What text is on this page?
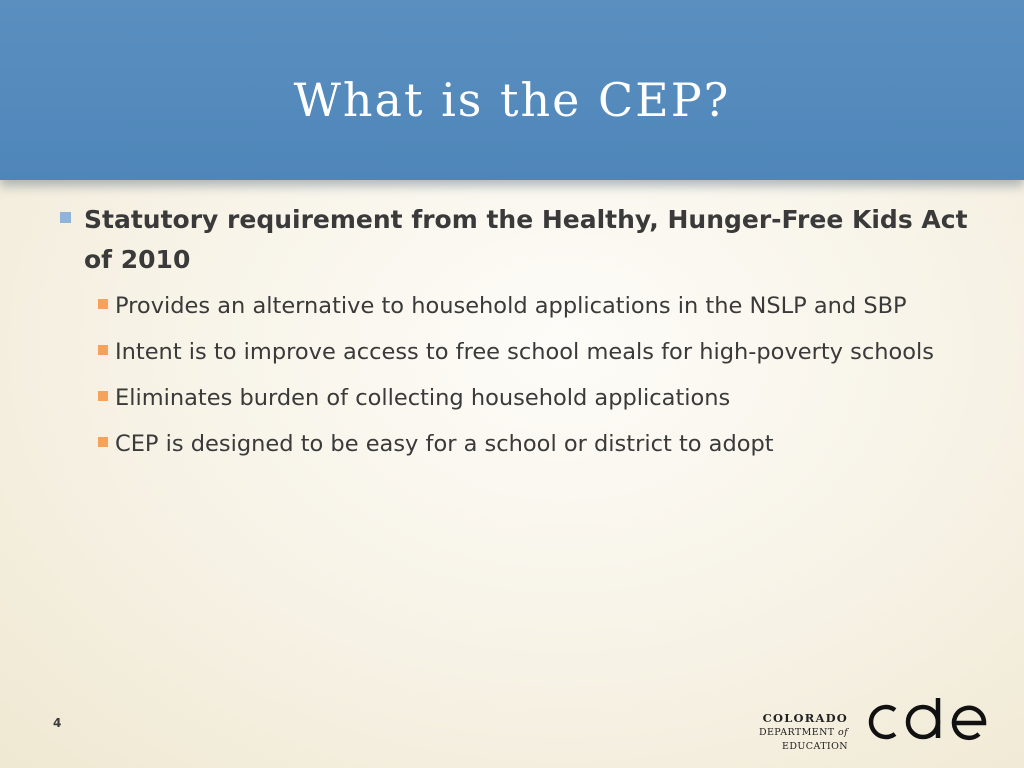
What is the CEP?
Statutory requirement from the Healthy, Hunger-Free Kids Act of 2010
Provides an alternative to household applications in the NSLP and SBP
Intent is to improve access to free school meals for high-poverty schools
Eliminates burden of collecting household applications
CEP is designed to be easy for a school or district to adopt
4	COLORADO
DEPARTMENT of EDUCATION
